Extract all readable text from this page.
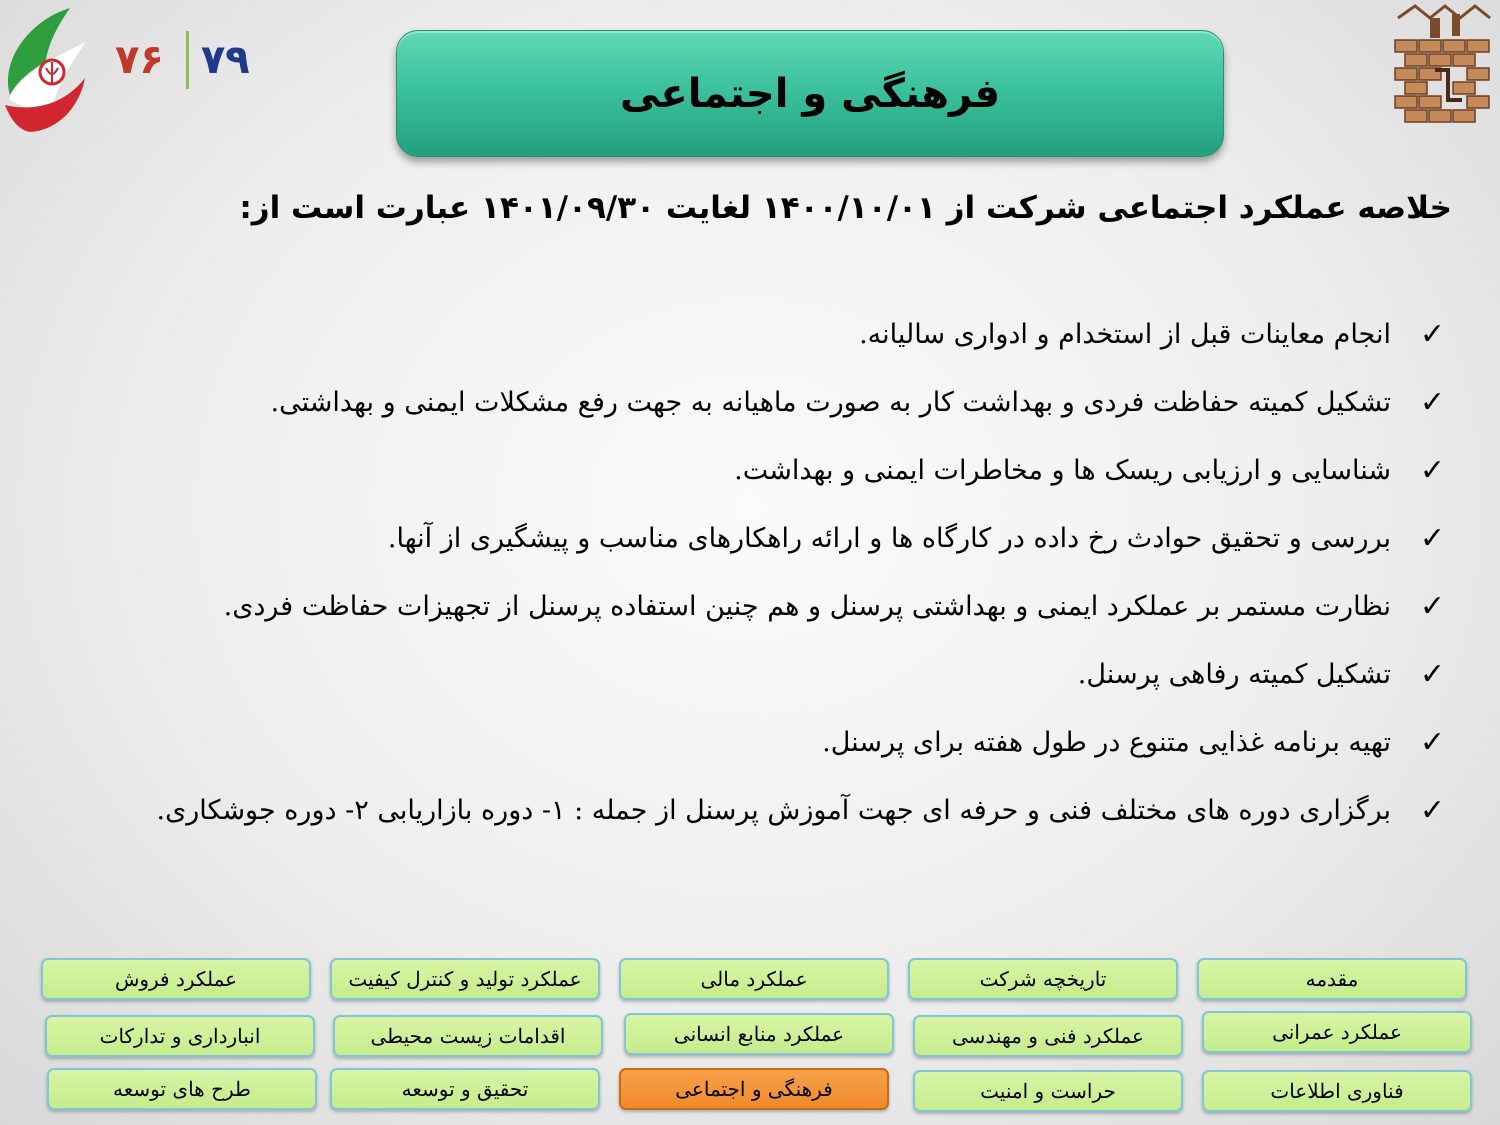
۷۶ ۷۹
فرهنگی و اجتماعی
خلاصه عملکرد اجتماعی شرکت از ۱۴۰۰/۱۰/۰۱ لغایت ۱۴۰۱/۰۹/۳۰ عبارت است از:
✓
انجام معاینات قبل از استخدام و ادواری سالیانه.
✓
تشکیل کمیته حفاظت فردی و بهداشت کار به صورت ماهیانه به جهت رفع مشکلات ایمنی و بهداشتی.
✓
شناسایی و ارزیابی ریسک ها و مخاطرات ایمنی و بهداشت.
✓
بررسی و تحقیق حوادث رخ داده در کارگاه ها و ارائه راهکارهای مناسب و پیشگیری از آنها.
✓
نظارت مستمر بر عملکرد ایمنی و بهداشتی پرسنل و هم چنین استفاده پرسنل از تجهیزات حفاظت فردی.
✓
تشکیل کمیته رفاهی پرسنل.
✓
تهیه برنامه غذایی متنوع در طول هفته برای پرسنل.
✓
برگزاری دوره های مختلف فنی و حرفه ای جهت آموزش پرسنل از جمله : ۱- دوره بازاریابی ۲- دوره جوشکاری.
مقدمه
تاریخچه شرکت
عملکرد مالی
عملکرد تولید و کنترل کیفیت
عملکرد فروش
عملکرد عمرانی
عملکرد فنی و مهندسی
عملکرد منابع انسانی
اقدامات زیست محیطی
انبارداری و تدارکات
فناوری اطلاعات
حراست و امنیت
فرهنگی و اجتماعی
تحقیق و توسعه
طرح های توسعه
